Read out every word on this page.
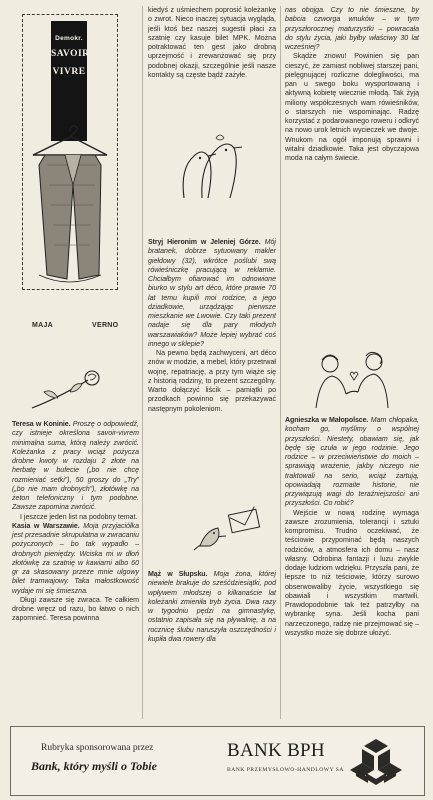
Demokr.
SAVOIR
VIVRE
MAJA	VERNO

Teresa w Koninie. Proszę o odpowiedź, czy istnieje określona savoir-vivrem minimalna suma, którą należy zwrócić. Koleżanka z pracy wciąż pożycza drobne kwoty w rozdaju 2 złote na herbatę w bufecie („bo nie chcę rozmieniać setki”), 50 groszy do „Try” („bo nie mam drobnych”), złotówkę na żeton telefoniczny i tym podobne. Zawsze zapomina zwrócić.

I jeszcze jeden list na podobny temat.

Kasia w Warszawie. Moja przyjaciółka jest przesadnie skrupulatna w zwracaniu pożyczonych – bo tak wypadło – drobnych pieniędzy. Wciska mi w dłoń złotówkę za szatnię w kawiarni albo 60 gr za skasowany przeze mnie ulgowy bilet tramwajowy. Taka małostkowość wydaje mi się śmieszna.

Długi zawsze się zwraca. Te całkiem drobne wręcz od razu, bo łatwo o nich zapomnieć. Teresa powinna

kiedyś z uśmiechem poprosić koleżankę o zwrot. Nieco inaczej sytuacja wygląda, jeśli ktoś bez naszej sugestii płaci za szatnię czy kasuje bilet MPK. Można potraktować ten gest jako drobną uprzejmość i zrewanżować się przy podobnej okazji, szczególnie jeśli nasze kontakty są częste bądź zażyłe.

Stryj Hieronim w Jeleniej Górze. Mój bratanek, dobrze sytuowany makler giełdowy (32), wkrótce poślubi swą rówieśniczkę pracującą w reklamie. Chciałbym ofiarować im odnowione biurko w stylu art déco, które prawie 70 lat temu kupili moi rodzice, a jego dziadkowie, urządzając pierwsze mieszkanie we Lwowie. Czy taki prezent nadaje się dla pary młodych warszawiaków? Może lepiej wybrać coś innego w sklepie?

Na pewno będą zachwyceni, art déco znów w modzie, a mebel, który przetrwał wojnę, repatriację, a przy tym wiąże się z historią rodziny, to prezent szczególny. Warto dołączyć liścik – pamiątki po przodkach powinno się przekazywać następnym pokoleniom.

Mąż w Słupsku. Moja żona, której niewiele brakuje do sześćdziesiątki, pod wpływem młodszej o kilkanaście lat koleżanki zmieniła tryb życia. Dwa razy w tygodniu pędzi na gimnastykę, ostatnio zapisała się na pływalnię, a na rocznicę ślubu naruszyła oszczędności i kupiła dwa rowery dla

nas obojga. Czy to nie śmieszne, by babcia czworga wnuków – w tym przyszłorocznej maturzystki – powracała do stylu życia, jaki byłby właściwy 30 lat wcześniej?

Skądże znowu! Powinien się pan cieszyć, że zamiast nobliwej starszej pani, pielęgnującej rozliczne dolegliwości, ma pan u swego boku wysportowaną i aktywną kobietę wiecznie młodą. Tak żyją miliony współczesnych wam rówieśników, o starszych nie wspominając. Radzę korzystać z podarowanego roweru i odkryć na nowo urok letnich wycieczek we dwoje. Wnukom na ogół imponują sprawni i witalni dziadkowie. Taka jest obyczajowa moda na całym świecie.

Agnieszka w Małopolsce. Mam chłopaka, kocham go, myślimy o wspólnej przyszłości. Niestety, obawiam się, jak będę się czuła w jego rodzinie. Jego rodzice – w przeciwieństwie do moich – sprawiają wrażenie, jakby niczego nie traktowali na serio, wciąż żartują, opowiadają rozmaite historie, nie przywiązują wagi do teraźniejszości ani przyszłości. Co robić?

Wejście w nową rodzinę wymaga zawsze zrozumienia, tolerancji i sztuki kompromisu. Trudno oczekiwać, że teściowie przypominać będą naszych rodziców, a atmosfera ich domu – nasz własny. Odrobina fantazji i luzu zwykle dodaje ludziom wdzięku. Przyszła pani, że łepsze to niż teściowie, którzy surowo obserwowaliby życie, wszystkiego się obawiali i wszystkim martwili. Prawdopodobnie tak też patrzyłby na wybrankę syna. Jeśli kocha pani narzeczonego, radzę nie przejmować się – wszystko może się dobrze ułożyć.

Rubryka sponsorowana przez
Bank, który myśli o Tobie
BANK BPH
BANK PRZEMYSŁOWO-HANDLOWY SA
